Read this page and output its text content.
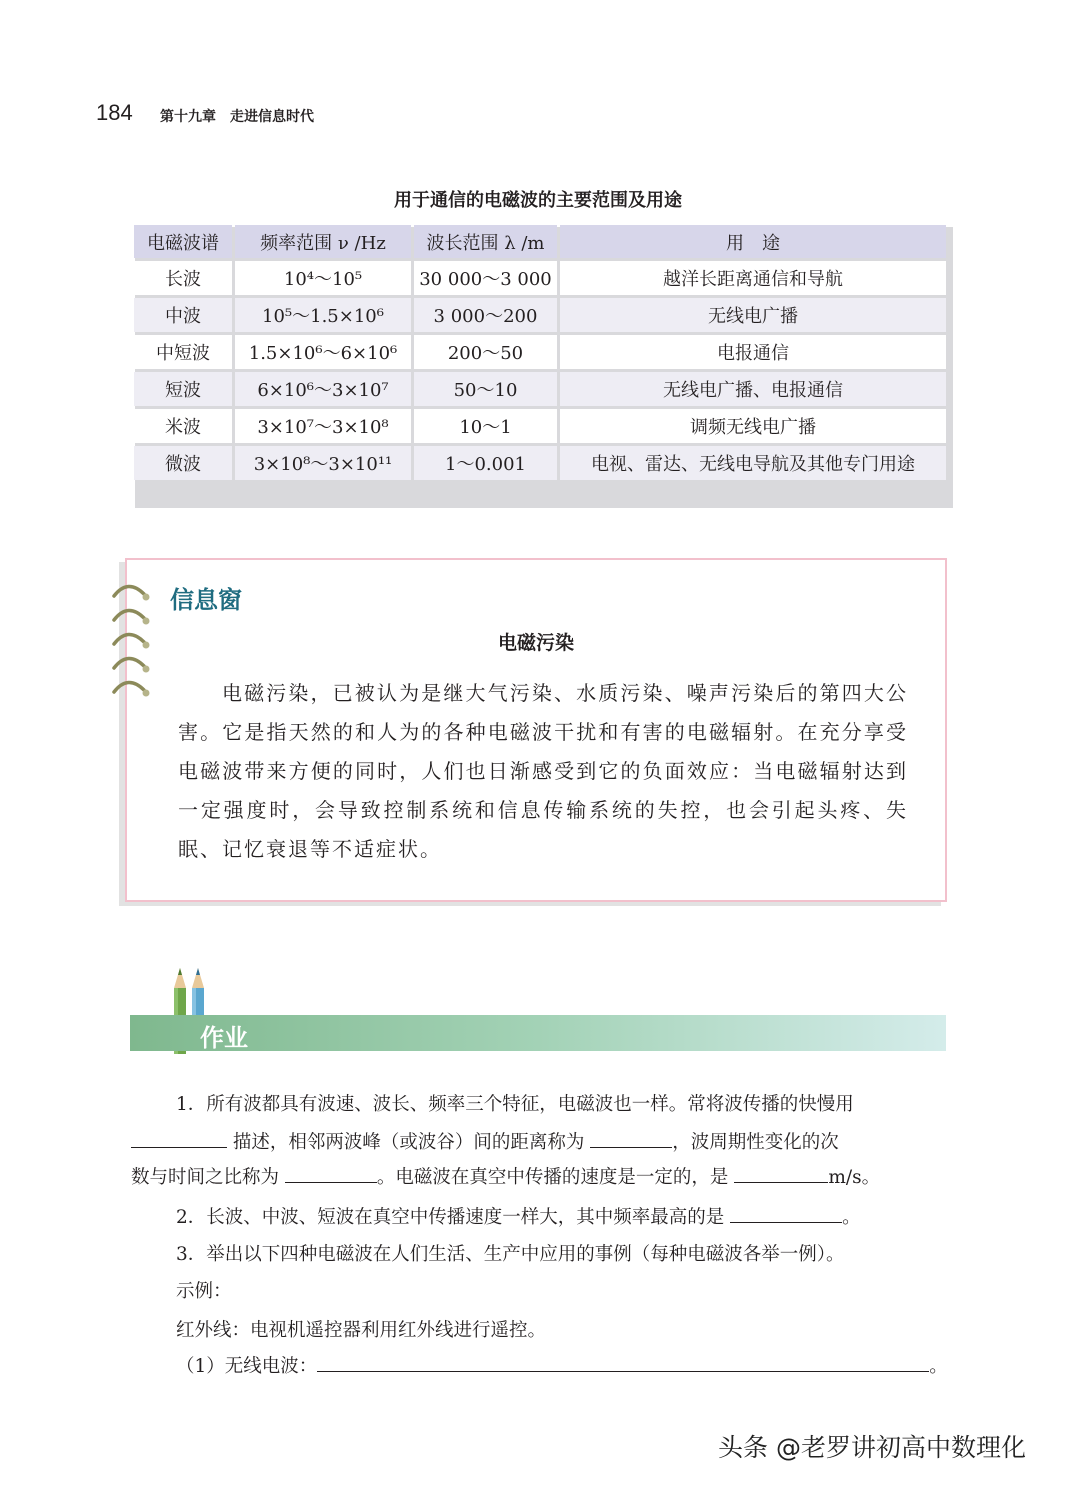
184 第十九章　走进信息时代
用于通信的电磁波的主要范围及用途
电磁波谱	频率范围 ν /Hz	波长范围 λ /m	用　途
长波	10⁴～10⁵	30 000～3 000	越洋长距离通信和导航
中波	10⁵～1.5×10⁶	3 000～200	无线电广播
中短波	1.5×10⁶～6×10⁶	200～50	电报通信
短波	6×10⁶～3×10⁷	50～10	无线电广播、电报通信
米波	3×10⁷～3×10⁸	10～1	调频无线电广播
微波	3×10⁸～3×10¹¹	1～0.001	电视、雷达、无线电导航及其他专门用途
信息窗
电磁污染
电磁污染，已被认为是继大气污染、水质污染、噪声污染后的第四大公害。它是指天然的和人为的各种电磁波干扰和有害的电磁辐射。在充分享受电磁波带来方便的同时，人们也日渐感受到它的负面效应：当电磁辐射达到一定强度时，会导致控制系统和信息传输系统的失控，也会引起头疼、失眠、记忆衰退等不适症状。
作业
1．所有波都具有波速、波长、频率三个特征，电磁波也一样。常将波传播的快慢用
描述，相邻两波峰（或波谷）间的距离称为	，波周期性变化的次
数与时间之比称为	。电磁波在真空中传播的速度是一定的，是	m/s。
2．长波、中波、短波在真空中传播速度一样大，其中频率最高的是	。
3．举出以下四种电磁波在人们生活、生产中应用的事例（每种电磁波各举一例）。
示例：
红外线：电视机遥控器利用红外线进行遥控。
（1）无线电波：	。
头条 @老罗讲初高中数理化
